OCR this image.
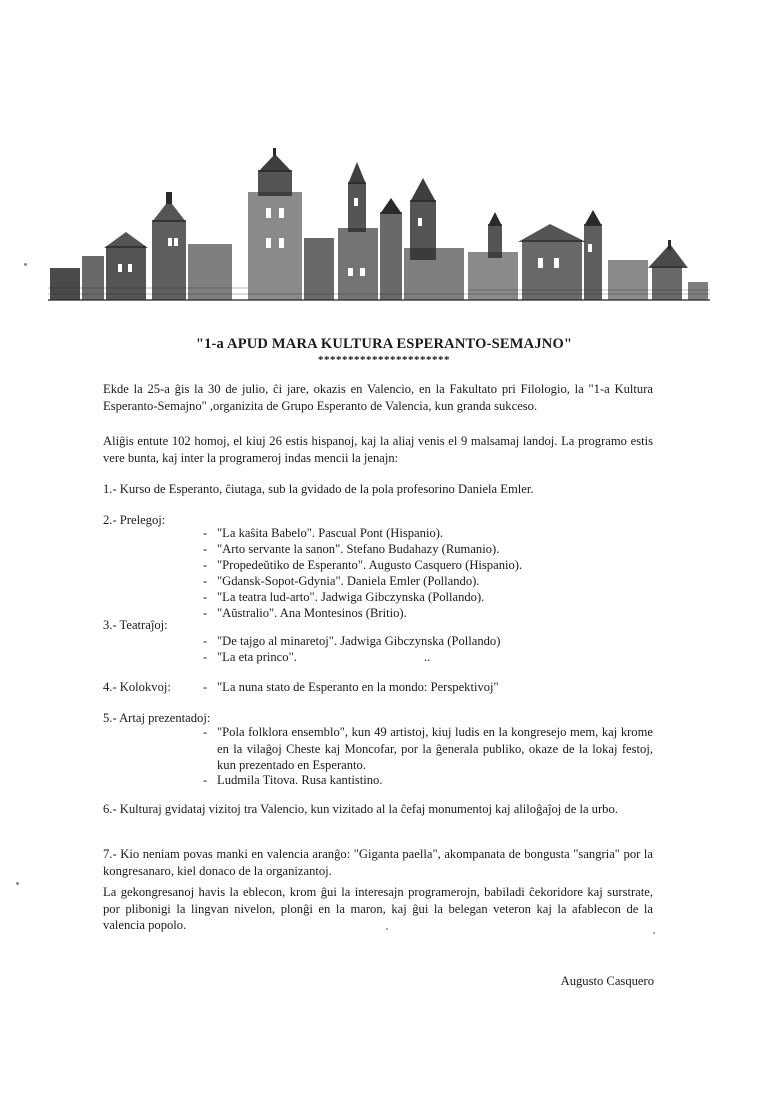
"1-a APUD MARA KULTURA ESPERANTO-SEMAJNO"
**********************
Ekde la 25-a ĝis la 30 de julio, ĉi jare, okazis en Valencio, en la Fakultato pri Filologio, la "1-a Kultura Esperanto-Semajno" ,organizita de Grupo Esperanto de Valencia, kun granda sukceso.
Aliĝis entute 102 homoj, el kiuj 26 estis hispanoj, kaj la aliaj venis el 9 malsamaj landoj. La programo estis vere bunta, kaj inter la programeroj indas mencii la jenajn:
1.- Kurso de Esperanto, ĉiutaga, sub la gvidado de la pola profesorino Daniela Emler.
2.- Prelegoj:
- "La kaŝita Babelo". Pascual Pont (Hispanio).
- "Arto servante la sanon". Stefano Budahazy (Rumanio).
- "Propedeŭtiko de Esperanto". Augusto Casquero (Hispanio).
- "Gdansk-Sopot-Gdynia". Daniela Emler (Pollando).
- "La teatra lud-arto". Jadwiga Gibczynska (Pollando).
- "Aŭstralio". Ana Montesinos (Britio).
3.- Teatraĵoj:
- "De tajgo al minaretoj". Jadwiga Gibczynska (Pollando)
- "La eta princo".	..
4.- Kolokvoj:	- "La nuna stato de Esperanto en la mondo: Perspektivoj"
5.- Artaj prezentadoj:
- "Pola folklora ensemblo", kun 49 artistoj, kiuj ludis en la kongresejo mem, kaj krome en la vilaĝoj Cheste kaj Moncofar, por la ĝenerala publiko, okaze de la lokaj festoj, kun prezentado en Esperanto.
- Ludmila Titova. Rusa kantistino.
6.- Kulturaj gvidataj vizitoj tra Valencio, kun vizitado al la ĉefaj monumentoj kaj aliloĝaĵoj de la urbo.
7.- Kio neniam povas manki en valencia aranĝo: "Giganta paella", akompanata de bongusta "sangria" por la kongresanaro, kiel donaco de la organizantoj.
La gekongresanoj havis la eblecon, krom ĝui la interesajn programerojn, babiladi ĉekoridore kaj surstrate, por plibonigi la lingvan nivelon, plonĝi en la maron, kaj ĝui la belegan veteron kaj la afablecon de la valencia popolo.
Augusto Casquero
